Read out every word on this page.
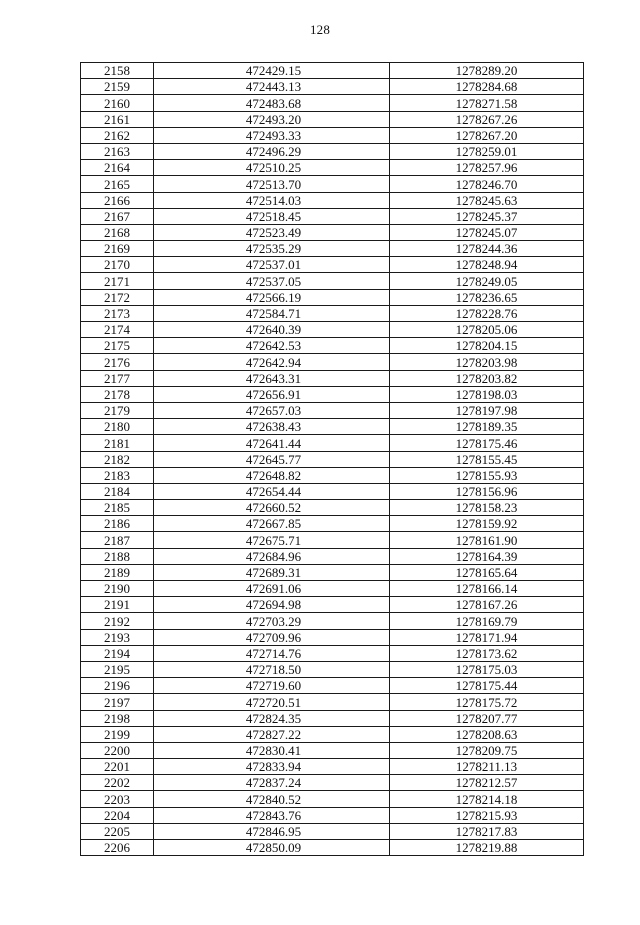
128
2158	472429.15	1278289.20
2159	472443.13	1278284.68
2160	472483.68	1278271.58
2161	472493.20	1278267.26
2162	472493.33	1278267.20
2163	472496.29	1278259.01
2164	472510.25	1278257.96
2165	472513.70	1278246.70
2166	472514.03	1278245.63
2167	472518.45	1278245.37
2168	472523.49	1278245.07
2169	472535.29	1278244.36
2170	472537.01	1278248.94
2171	472537.05	1278249.05
2172	472566.19	1278236.65
2173	472584.71	1278228.76
2174	472640.39	1278205.06
2175	472642.53	1278204.15
2176	472642.94	1278203.98
2177	472643.31	1278203.82
2178	472656.91	1278198.03
2179	472657.03	1278197.98
2180	472638.43	1278189.35
2181	472641.44	1278175.46
2182	472645.77	1278155.45
2183	472648.82	1278155.93
2184	472654.44	1278156.96
2185	472660.52	1278158.23
2186	472667.85	1278159.92
2187	472675.71	1278161.90
2188	472684.96	1278164.39
2189	472689.31	1278165.64
2190	472691.06	1278166.14
2191	472694.98	1278167.26
2192	472703.29	1278169.79
2193	472709.96	1278171.94
2194	472714.76	1278173.62
2195	472718.50	1278175.03
2196	472719.60	1278175.44
2197	472720.51	1278175.72
2198	472824.35	1278207.77
2199	472827.22	1278208.63
2200	472830.41	1278209.75
2201	472833.94	1278211.13
2202	472837.24	1278212.57
2203	472840.52	1278214.18
2204	472843.76	1278215.93
2205	472846.95	1278217.83
2206	472850.09	1278219.88
